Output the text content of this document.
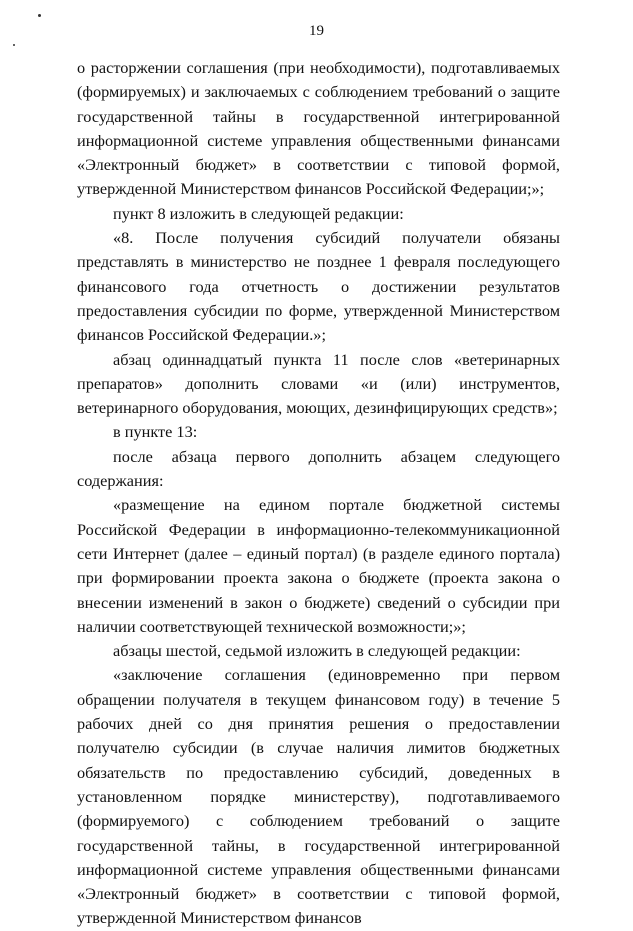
19

о расторжении соглашения (при необходимости), подготавливаемых (формируемых) и заключаемых с соблюдением требований о защите государственной тайны в государственной интегрированной информационной системе управления общественными финансами «Электронный бюджет» в соответствии с типовой формой, утвержденной Министерством финансов Российской Федерации;»;

пункт 8 изложить в следующей редакции:

«8. После получения субсидий получатели обязаны представлять в министерство не позднее 1 февраля последующего финансового года отчетность о достижении результатов предоставления субсидии по форме, утвержденной Министерством финансов Российской Федерации.»;

абзац одиннадцатый пункта 11 после слов «ветеринарных препаратов» дополнить словами «и (или) инструментов, ветеринарного оборудования, моющих, дезинфицирующих средств»;

в пункте 13:

после абзаца первого дополнить абзацем следующего содержания:

«размещение на едином портале бюджетной системы Российской Федерации в информационно-телекоммуникационной сети Интернет (далее – единый портал) (в разделе единого портала) при формировании проекта закона о бюджете (проекта закона о внесении изменений в закон о бюджете) сведений о субсидии при наличии соответствующей технической возможности;»;

абзацы шестой, седьмой изложить в следующей редакции:

«заключение соглашения (единовременно при первом обращении получателя в текущем финансовом году) в течение 5 рабочих дней со дня принятия решения о предоставлении получателю субсидии (в случае наличия лимитов бюджетных обязательств по предоставлению субсидий, доведенных в установленном порядке министерству), подготавливаемого (формируемого) с соблюдением требований о защите государственной тайны, в государственной интегрированной информационной системе управления общественными финансами «Электронный бюджет» в соответствии с типовой формой, утвержденной Министерством финансов
